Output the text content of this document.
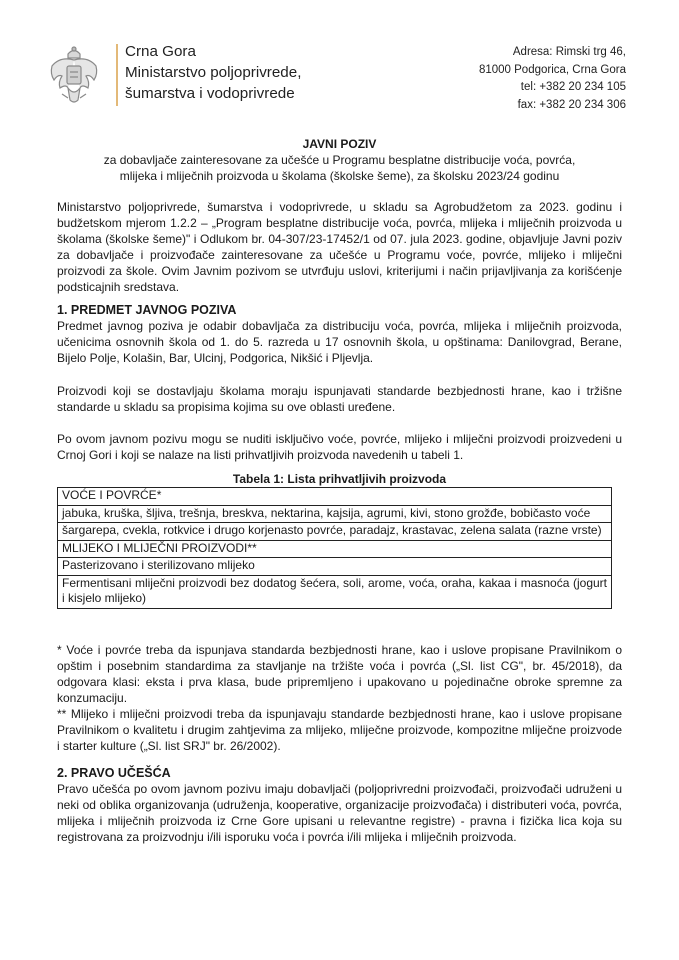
Crna Gora
Ministarstvo poljoprivrede,
šumarstva i vodoprivrede
Adresa: Rimski trg 46,
81000 Podgorica, Crna Gora
tel: +382 20 234 105
fax: +382 20 234 306
JAVNI POZIV
za dobavljače zainteresovane za učešće u Programu besplatne distribucije voća, povrća,
mlijeka i mliječnih proizvoda u školama (školske šeme), za školsku 2023/24 godinu
Ministarstvo poljoprivrede, šumarstva i vodoprivrede, u skladu sa Agrobudžetom za 2023. godinu i budžetskom mjerom 1.2.2 – „Program besplatne distribucije voća, povrća, mlijeka i mliječnih proizvoda u školama (školske šeme)" i Odlukom br. 04-307/23-17452/1 od 07. jula 2023. godine, objavljuje Javni poziv za dobavljače i proizvođače zainteresovane za učešće u Programu voće, povrće, mlijeko i mliječni proizvodi za škole. Ovim Javnim pozivom se utvrđuju uslovi, kriterijumi i način prijavljivanja za korišćenje podsticajnih sredstava.
1. PREDMET JAVNOG POZIVA
Predmet javnog poziva je odabir dobavljača za distribuciju voća, povrća, mlijeka i mliječnih proizvoda, učenicima osnovnih škola od 1. do 5. razreda u 17 osnovnih škola, u opštinama: Danilovgrad, Berane, Bijelo Polje, Kolašin, Bar, Ulcinj, Podgorica, Nikšić i Pljevlja.
Proizvodi koji se dostavljaju školama moraju ispunjavati standarde bezbjednosti hrane, kao i tržišne standarde u skladu sa propisima kojima su ove oblasti uređene.
Po ovom javnom pozivu mogu se nuditi isključivo voće, povrće, mlijeko i mliječni proizvodi proizvedeni u Crnoj Gori i koji se nalaze na listi prihvatljivih proizvoda navedenih u tabeli 1.
Tabela 1: Lista prihvatljivih proizvoda
VOĆE I POVRĆE*
jabuka, kruška, šljiva, trešnja, breskva, nektarina, kajsija, agrumi, kivi, stono grožđe, bobičasto voće
šargarepa, cvekla, rotkvice i drugo korjenasto povrće, paradajz, krastavac, zelena salata (razne vrste)
MLIJEKO I MLIJEČNI PROIZVODI**
Pasterizovano i sterilizovano mlijeko
Fermentisani mliječni proizvodi bez dodatog šećera, soli, arome, voća, oraha, kakaa i masnoća (jogurt i kisjelo mlijeko)
* Voće i povrće treba da ispunjava standarda bezbjednosti hrane, kao i uslove propisane Pravilnikom o opštim i posebnim standardima za stavljanje na tržište voća i povrća („Sl. list CG", br. 45/2018), da odgovara klasi: eksta i prva klasa, bude pripremljeno i upakovano u pojedinačne obroke spremne za konzumaciju.
** Mlijeko i mliječni proizvodi treba da ispunjavaju standarde bezbjednosti hrane, kao i uslove propisane Pravilnikom o kvalitetu i drugim zahtjevima za mlijeko, mliječne proizvode, kompozitne mliječne proizvode i starter kulture („Sl. list SRJ" br. 26/2002).
2. PRAVO UČEŠĆA
Pravo učešća po ovom javnom pozivu imaju dobavljači (poljoprivredni proizvođači, proizvođači udruženi u neki od oblika organizovanja (udruženja, kooperative, organizacije proizvođača) i distributeri voća, povrća, mlijeka i mliječnih proizvoda iz Crne Gore upisani u relevantne registre) - pravna i fizička lica koja su registrovana za proizvodnju i/ili isporuku voća i povrća i/ili mlijeka i mliječnih proizvoda.
